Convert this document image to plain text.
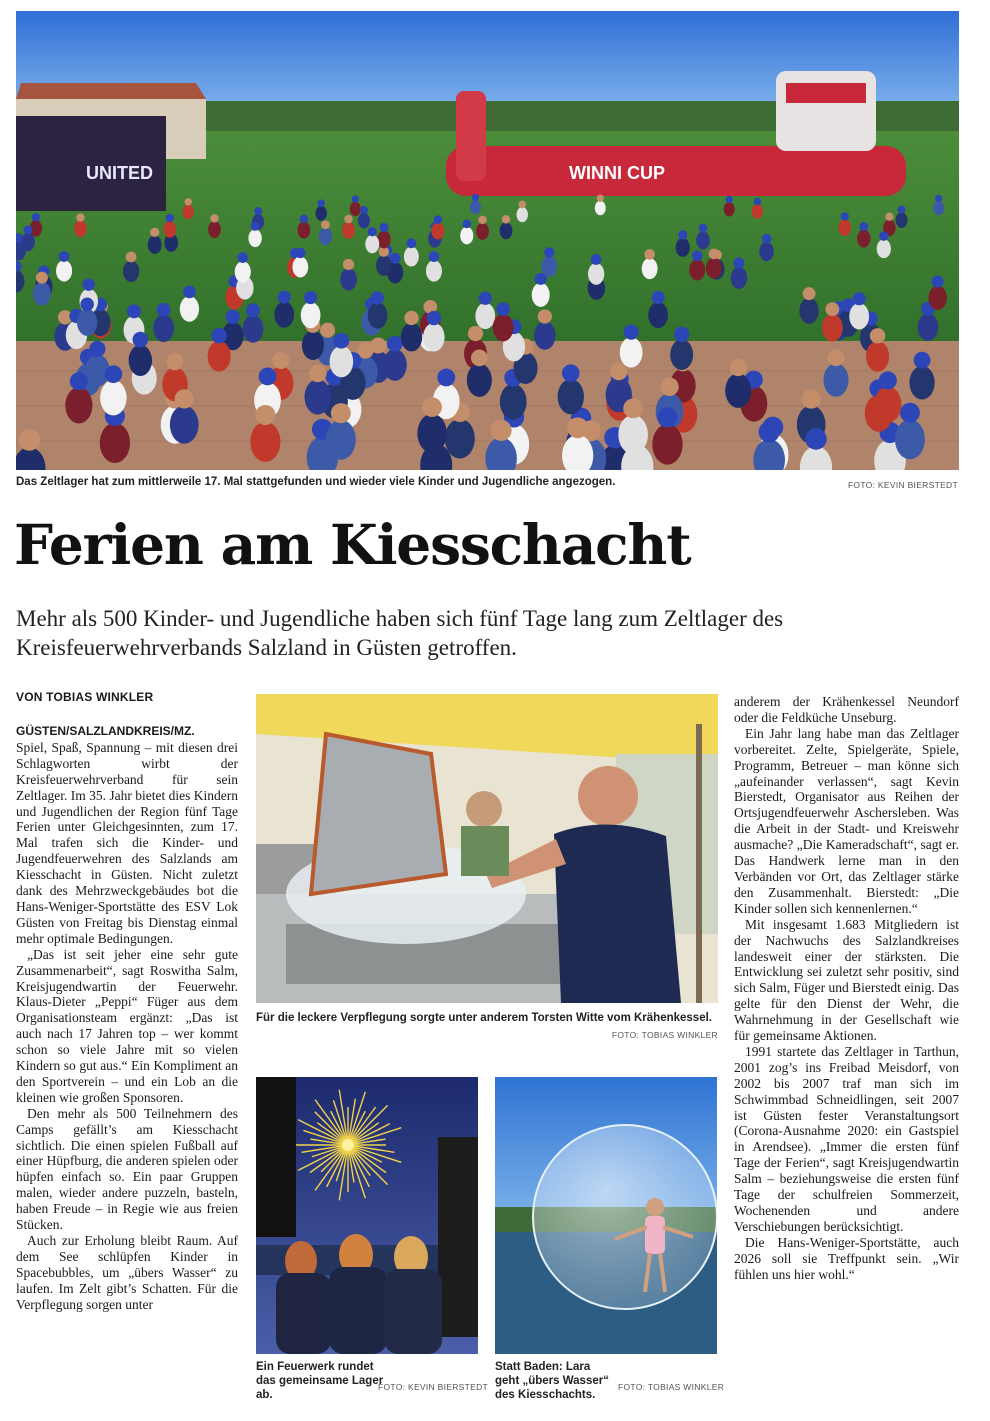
WINNI CUP
UNITED
Das Zeltlager hat zum mittlerweile 17. Mal stattgefunden und wieder viele Kinder und Jugendliche angezogen.	FOTO: KEVIN BIERSTEDT
Ferien am Kiesschacht

Mehr als 500 Kinder- und Jugendliche haben sich fünf Tage lang zum Zeltlager des Kreisfeuerwehrverbands Salzland in Güsten getroffen.

VON TOBIAS WINKLER

GÜSTEN/SALZLANDKREIS/MZ.
Spiel, Spaß, Spannung – mit diesen drei Schlagworten wirbt der Kreisfeuerwehrverband für sein Zeltlager. Im 35. Jahr bietet dies Kindern und Jugendlichen der Region fünf Tage Ferien unter Gleichgesinnten, zum 17. Mal trafen sich die Kinder- und Jugendfeuerwehren des Salzlands am Kiesschacht in Güsten. Nicht zuletzt dank des Mehrzweckgebäudes bot die Hans-Weniger-Sportstätte des ESV Lok Güsten von Freitag bis Dienstag einmal mehr optimale Bedingungen.

„Das ist seit jeher eine sehr gute Zusammenarbeit“, sagt Roswitha Salm, Kreisjugendwartin der Feuerwehr. Klaus-Dieter „Peppi“ Füger aus dem Organisationsteam ergänzt: „Das ist auch nach 17 Jahren top – wer kommt schon so viele Jahre mit so vielen Kindern so gut aus.“ Ein Kompliment an den Sportverein – und ein Lob an die kleinen wie großen Sponsoren.

Den mehr als 500 Teilnehmern des Camps gefällt’s am Kiesschacht sichtlich. Die einen spielen Fußball auf einer Hüpfburg, die anderen spielen oder hüpfen einfach so. Ein paar Gruppen malen, wieder andere puzzeln, basteln, haben Freude – in Regie wie aus freien Stücken.

Auch zur Erholung bleibt Raum. Auf dem See schlüpfen Kinder in Spacebubbles, um „übers Wasser“ zu laufen. Im Zelt gibt’s Schatten. Für die Verpflegung sorgen unter

Für die leckere Verpflegung sorgte unter anderem Torsten Witte vom Krähenkessel.
FOTO: TOBIAS WINKLER
Ein Feuerwerk rundet das gemeinsame Lager ab.
FOTO: KEVIN BIERSTEDT
Statt Baden: Lara geht „übers Wasser“ des Kiesschachts.
FOTO: TOBIAS WINKLER

anderem der Krähenkessel Neundorf oder die Feldküche Unseburg.

Ein Jahr lang habe man das Zeltlager vorbereitet. Zelte, Spielgeräte, Spiele, Programm, Betreuer – man könne sich „aufeinander verlassen“, sagt Kevin Bierstedt, Organisator aus Reihen der Ortsjugendfeuerwehr Aschersleben. Was die Arbeit in der Stadt- und Kreiswehr ausmache? „Die Kameradschaft“, sagt er. Das Handwerk lerne man in den Verbänden vor Ort, das Zeltlager stärke den Zusammenhalt. Bierstedt: „Die Kinder sollen sich kennenlernen.“

Mit insgesamt 1.683 Mitgliedern ist der Nachwuchs des Salzlandkreises landesweit einer der stärksten. Die Entwicklung sei zuletzt sehr positiv, sind sich Salm, Füger und Bierstedt einig. Das gelte für den Dienst der Wehr, die Wahrnehmung in der Gesellschaft wie für gemeinsame Aktionen.

1991 startete das Zeltlager in Tarthun, 2001 zog’s ins Freibad Meisdorf, von 2002 bis 2007 traf man sich im Schwimmbad Schneidlingen, seit 2007 ist Güsten fester Veranstaltungsort (Corona-Ausnahme 2020: ein Gastspiel in Arendsee). „Immer die ersten fünf Tage der Ferien“, sagt Kreisjugendwartin Salm – beziehungsweise die ersten fünf Tage der schulfreien Sommerzeit, Wochenenden und andere Verschiebungen berücksichtigt.

Die Hans-Weniger-Sportstätte, auch 2026 soll sie Treffpunkt sein. „Wir fühlen uns hier wohl.“
